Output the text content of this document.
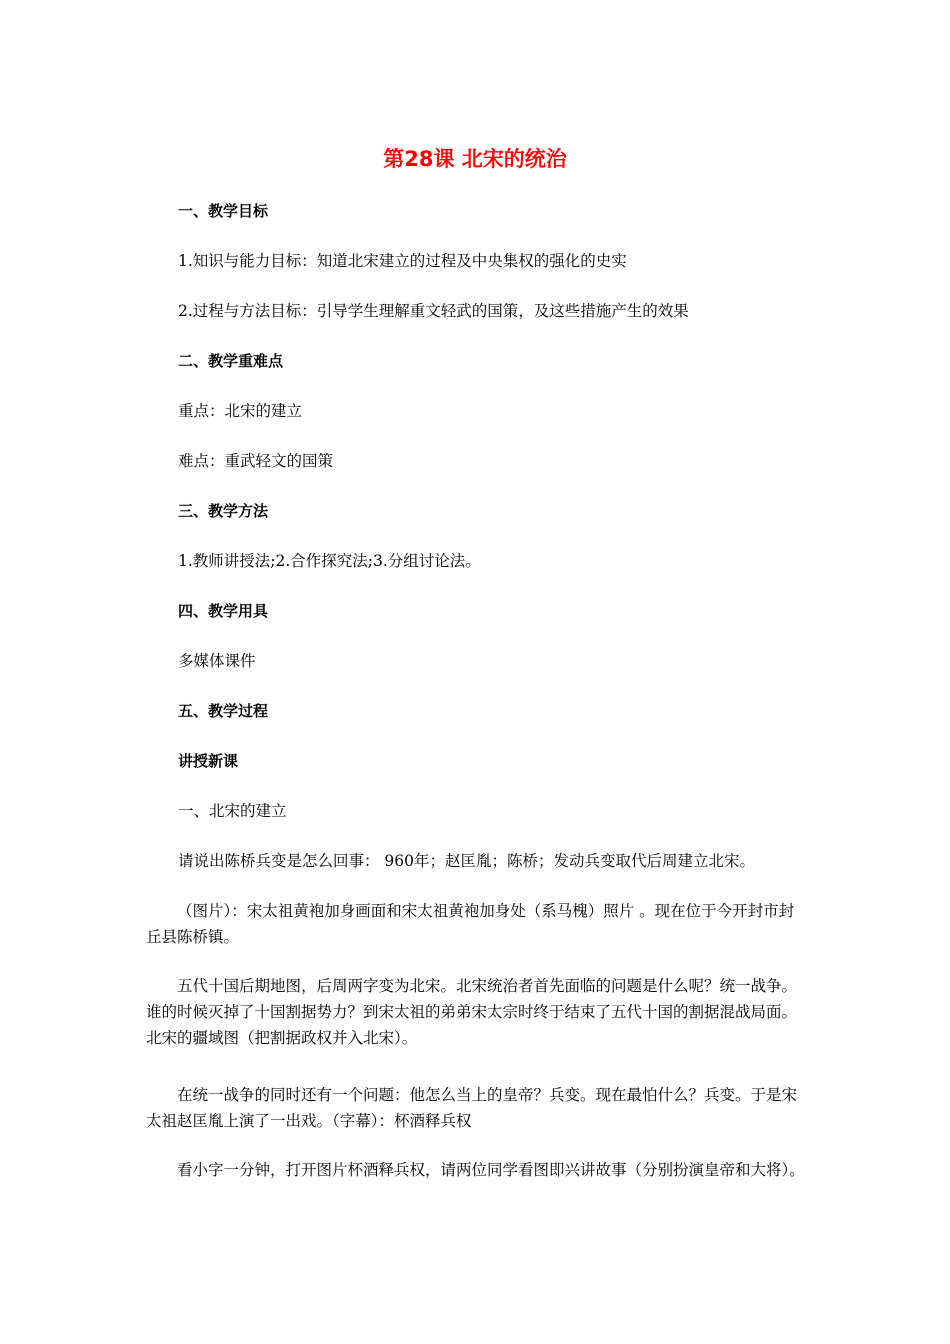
第28课 北宋的统治
一、教学目标
1.知识与能力目标：知道北宋建立的过程及中央集权的强化的史实
2.过程与方法目标：引导学生理解重文轻武的国策，及这些措施产生的效果
二、教学重难点
重点：北宋的建立
难点：重武轻文的国策
三、教学方法
1.教师讲授法;2.合作探究法;3.分组讨论法。
四、教学用具
多媒体课件
五、教学过程
讲授新课
一、北宋的建立
请说出陈桥兵变是怎么回事： 960年；赵匡胤；陈桥；发动兵变取代后周建立北宋。
（图片）：宋太祖黄袍加身画面和宋太祖黄袍加身处（系马槐）照片 。现在位于今开封市封丘县陈桥镇。
五代十国后期地图，后周两字变为北宋。北宋统治者首先面临的问题是什么呢？统一战争。谁的时候灭掉了十国割据势力？到宋太祖的弟弟宋太宗时终于结束了五代十国的割据混战局面。北宋的疆域图（把割据政权并入北宋）。
在统一战争的同时还有一个问题：他怎么当上的皇帝？兵变。现在最怕什么？兵变。于是宋太祖赵匡胤上演了一出戏。（字幕）：杯酒释兵权
看小字一分钟，打开图片杯酒释兵权，请两位同学看图即兴讲故事（分别扮演皇帝和大将）。
